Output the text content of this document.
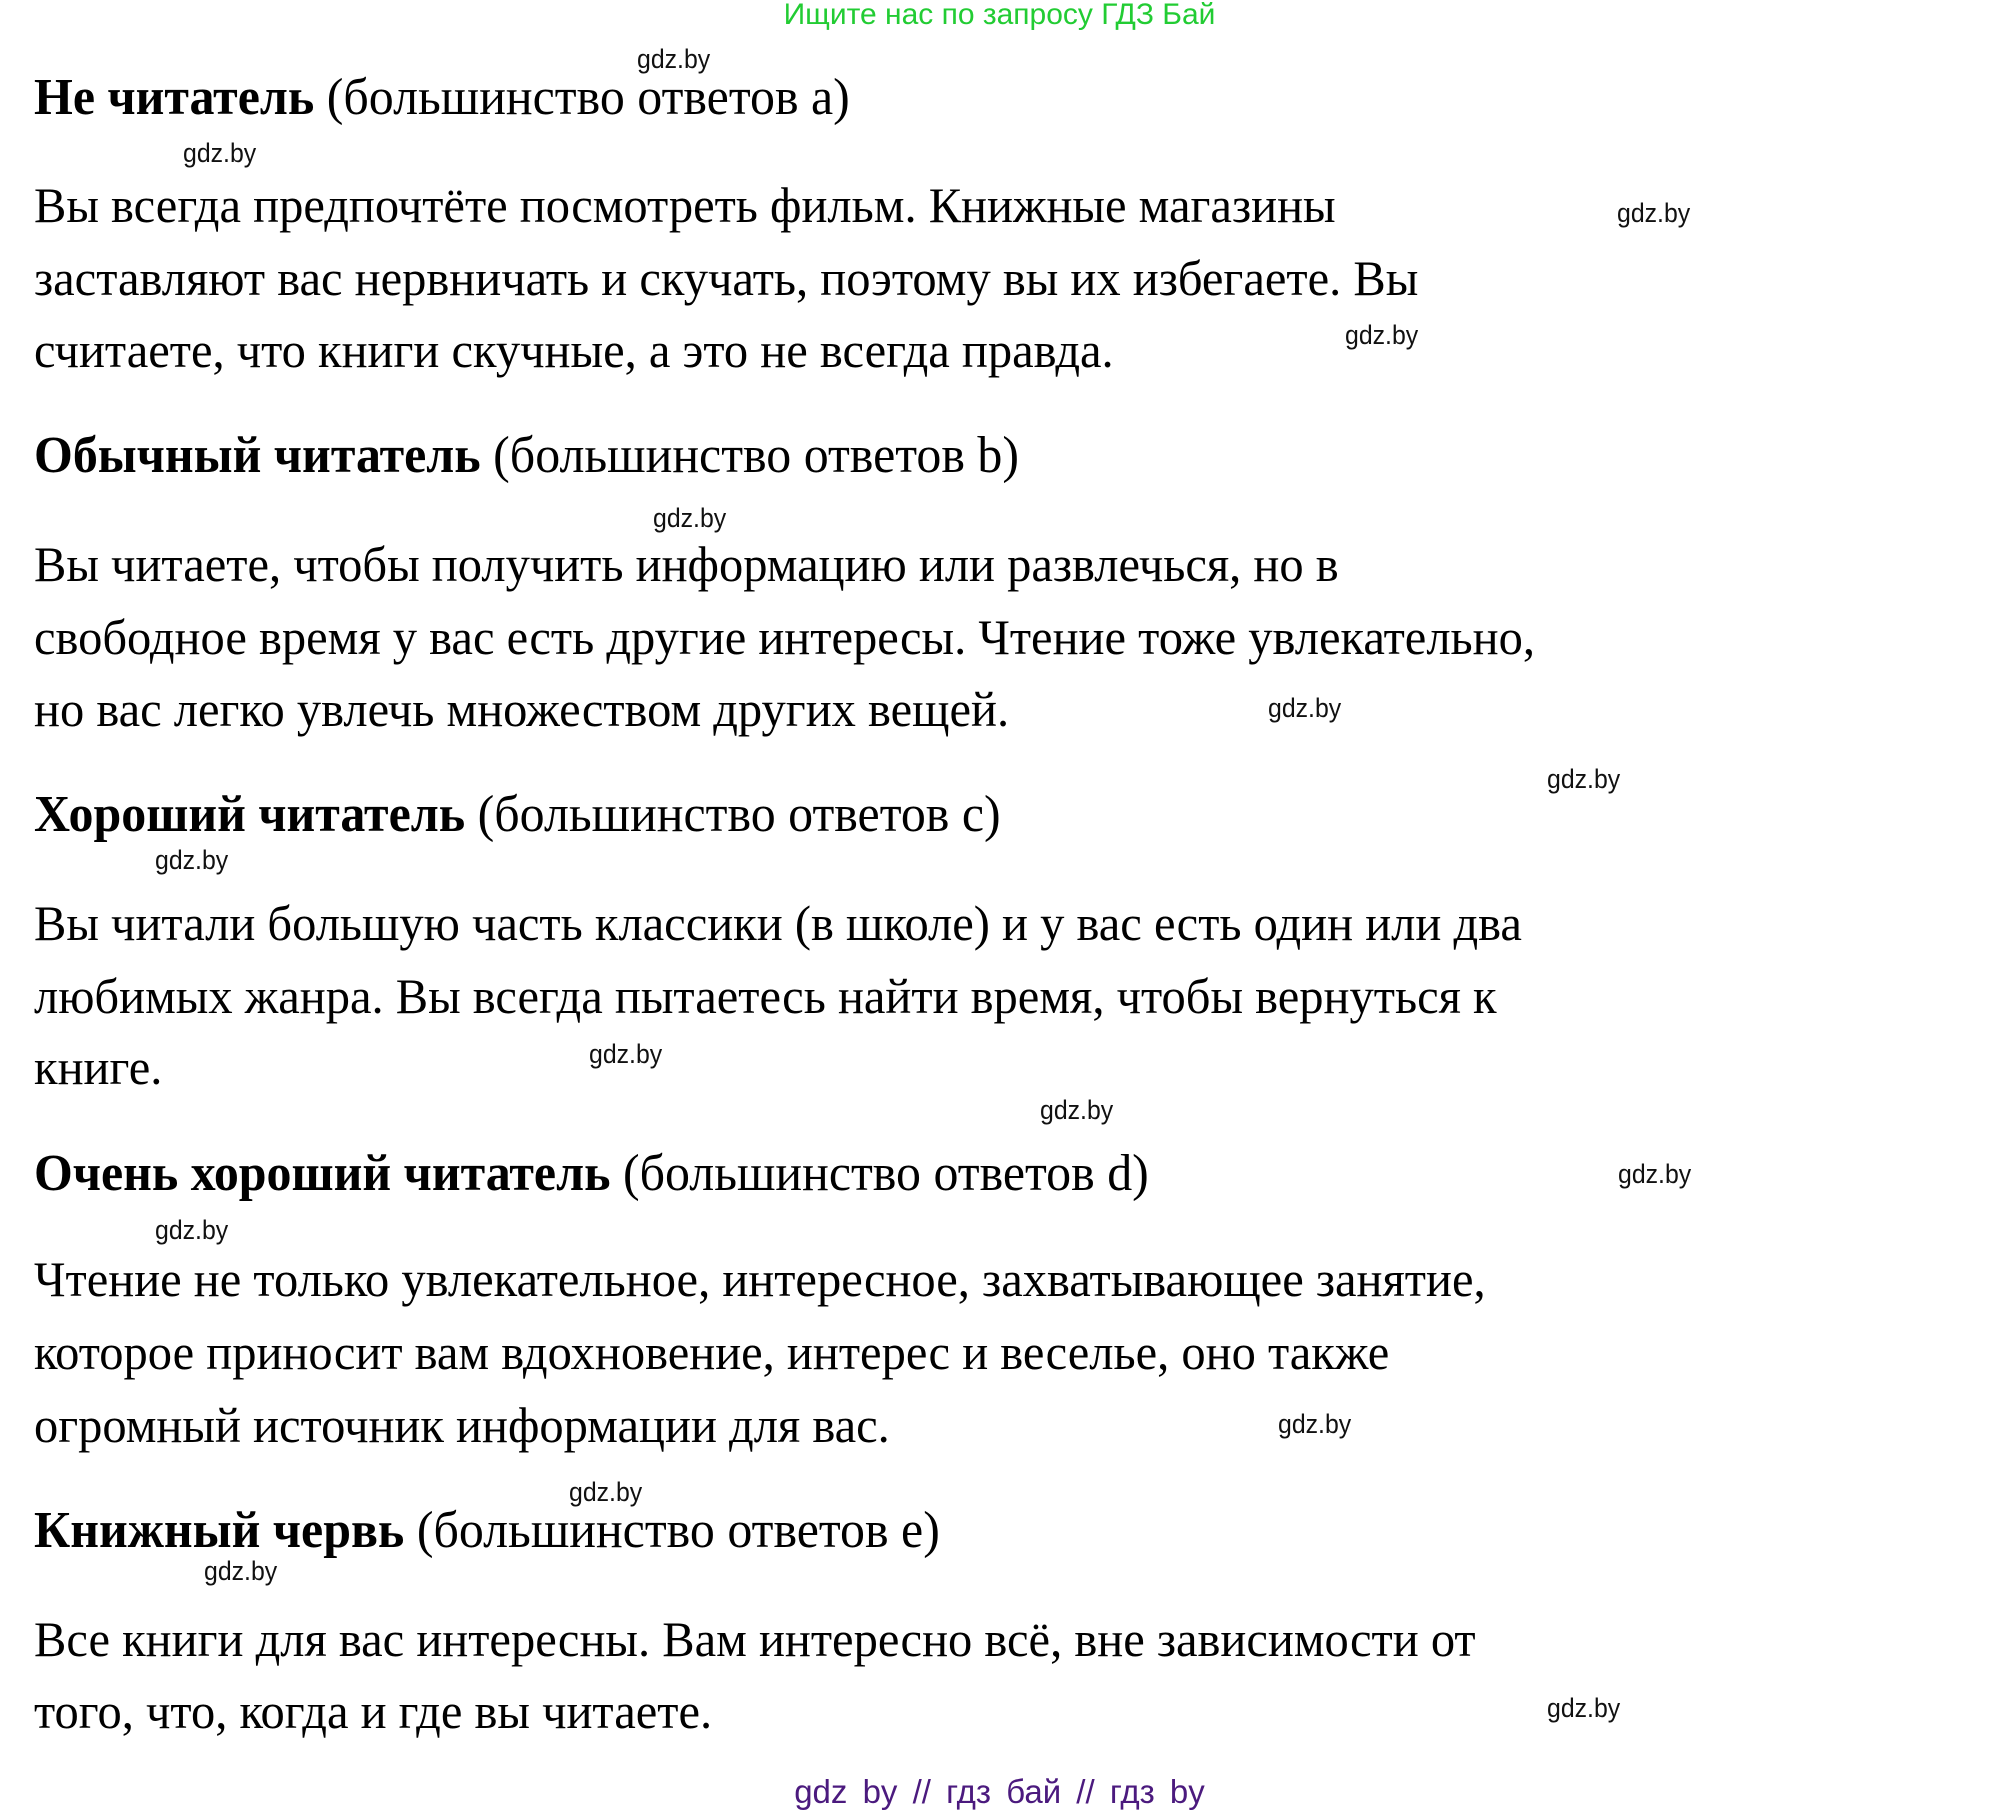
Ищите нас по запросу ГДЗ Бай
gdz.by
gdz.by
gdz.by
gdz.by
gdz.by
gdz.by
gdz.by
gdz.by
gdz.by
gdz.by
gdz.by
gdz.by
gdz.by
gdz.by
gdz.by
gdz.by
Не читатель (большинство ответов a)
Вы всегда предпочтёте посмотреть фильм. Книжные магазины
заставляют вас нервничать и скучать, поэтому вы их избегаете. Вы
считаете, что книги скучные, а это не всегда правда.
Обычный читатель (большинство ответов b)
Вы читаете, чтобы получить информацию или развлечься, но в
свободное время у вас есть другие интересы. Чтение тоже увлекательно,
но вас легко увлечь множеством других вещей.
Хороший читатель (большинство ответов c)
Вы читали большую часть классики (в школе) и у вас есть один или два
любимых жанра. Вы всегда пытаетесь найти время, чтобы вернуться к
книге.
Очень хороший читатель (большинство ответов d)
Чтение не только увлекательное, интересное, захватывающее занятие,
которое приносит вам вдохновение, интерес и веселье, оно также
огромный источник информации для вас.
Книжный червь (большинство ответов e)
Все книги для вас интересны. Вам интересно всё, вне зависимости от
того, что, когда и где вы читаете.
gdz by // гдз бай // гдз by
